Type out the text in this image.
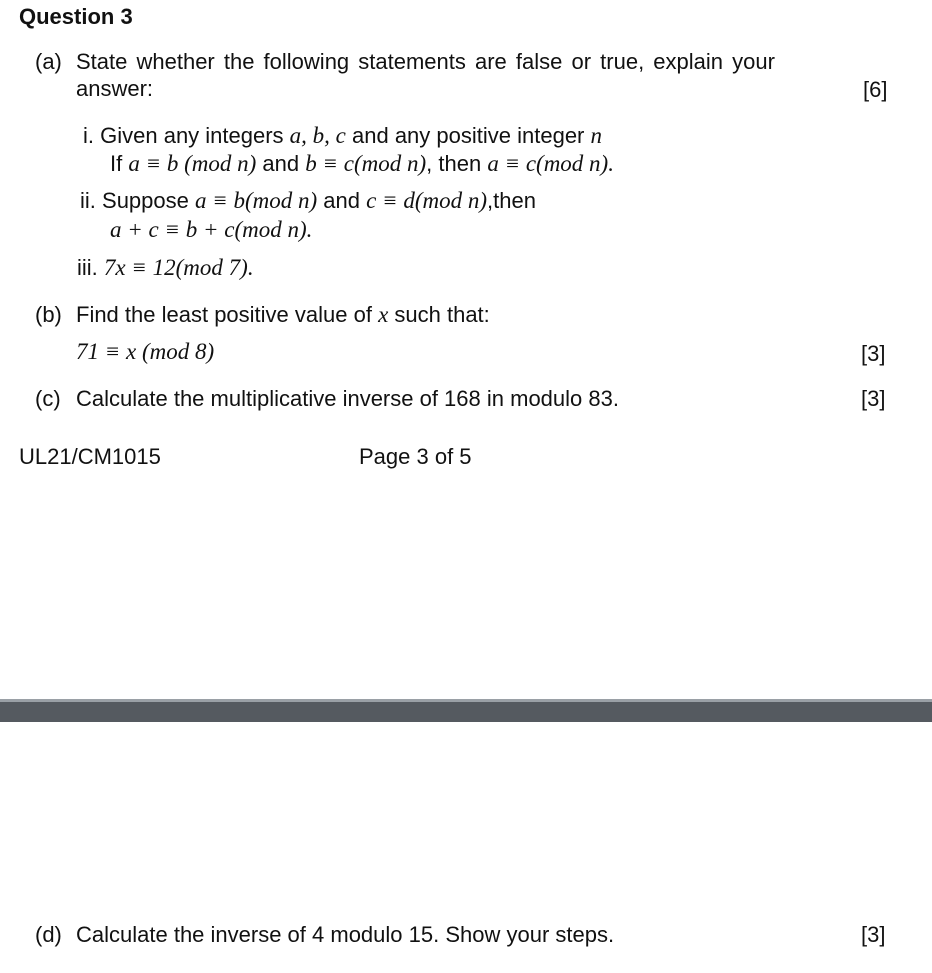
Question 3
(a) State whether the following statements are false or true, explain your
answer:	[6]
i. Given any integers a, b, c and any positive integer n
If a ≡ b (mod n) and b ≡ c(mod n), then a ≡ c(mod n).
ii. Suppose a ≡ b(mod n) and c ≡ d(mod n),then
a + c ≡ b + c(mod n).
iii. 7x ≡ 12(mod 7).
(b) Find the least positive value of x such that:
71 ≡ x (mod 8)	[3]
(c) Calculate the multiplicative inverse of 168 in modulo 83.	[3]
UL21/CM1015	Page 3 of 5
(d) Calculate the inverse of 4 modulo 15. Show your steps.	[3]
